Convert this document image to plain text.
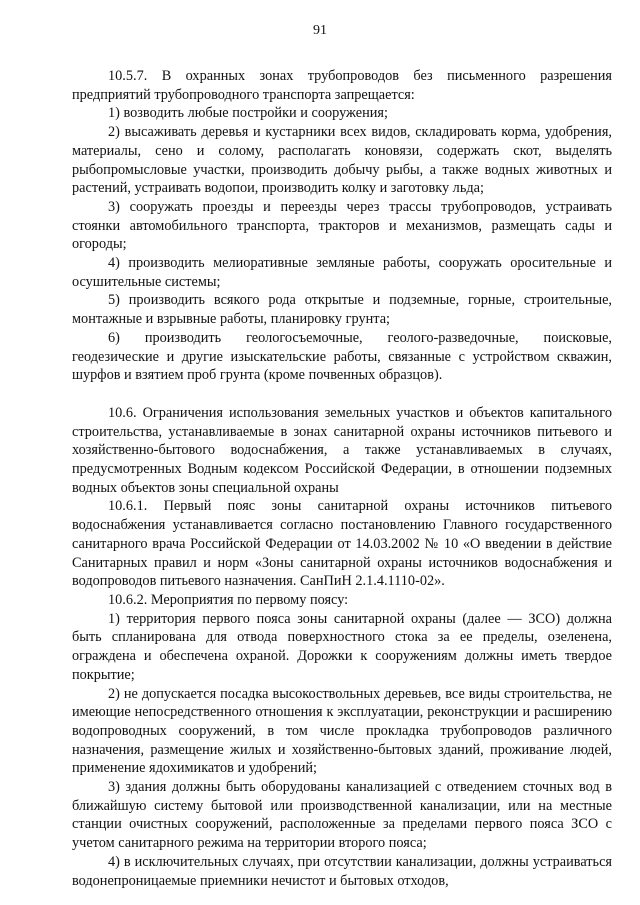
91

10.5.7. В охранных зонах трубопроводов без письменного разрешения предприятий трубопроводного транспорта запрещается:

1) возводить любые постройки и сооружения;

2) высаживать деревья и кустарники всех видов, складировать корма, удобрения, материалы, сено и солому, располагать коновязи, содержать скот, выделять рыбопромысловые участки, производить добычу рыбы, а также водных животных и растений, устраивать водопои, производить колку и заготовку льда;

3) сооружать проезды и переезды через трассы трубопроводов, устраивать стоянки автомобильного транспорта, тракторов и механизмов, размещать сады и огороды;

4) производить мелиоративные земляные работы, сооружать оросительные и осушительные системы;

5) производить всякого рода открытые и подземные, горные, строительные, монтажные и взрывные работы, планировку грунта;

6) производить геологосъемочные, геолого-разведочные, поисковые, геодезические и другие изыскательские работы, связанные с устройством скважин, шурфов и взятием проб грунта (кроме почвенных образцов).

10.6. Ограничения использования земельных участков и объектов капитального строительства, устанавливаемые в зонах санитарной охраны источников питьевого и хозяйственно-бытового водоснабжения, а также устанавливаемых в случаях, предусмотренных Водным кодексом Российской Федерации, в отношении подземных водных объектов зоны специальной охраны

10.6.1. Первый пояс зоны санитарной охраны источников питьевого водоснабжения устанавливается согласно постановлению Главного государственного санитарного врача Российской Федерации от 14.03.2002 № 10 «О введении в действие Санитарных правил и норм «Зоны санитарной охраны источников водоснабжения и водопроводов питьевого назначения. СанПиН 2.1.4.1110-02».

10.6.2. Мероприятия по первому поясу:

1) территория первого пояса зоны санитарной охраны (далее — ЗСО) должна быть спланирована для отвода поверхностного стока за ее пределы, озеленена, ограждена и обеспечена охраной. Дорожки к сооружениям должны иметь твердое покрытие;

2) не допускается посадка высокоствольных деревьев, все виды строительства, не имеющие непосредственного отношения к эксплуатации, реконструкции и расширению водопроводных сооружений, в том числе прокладка трубопроводов различного назначения, размещение жилых и хозяйственно-бытовых зданий, проживание людей, применение ядохимикатов и удобрений;

3) здания должны быть оборудованы канализацией с отведением сточных вод в ближайшую систему бытовой или производственной канализации, или на местные станции очистных сооружений, расположенные за пределами первого пояса ЗСО с учетом санитарного режима на территории второго пояса;

4) в исключительных случаях, при отсутствии канализации, должны устраиваться водонепроницаемые приемники нечистот и бытовых отходов,
